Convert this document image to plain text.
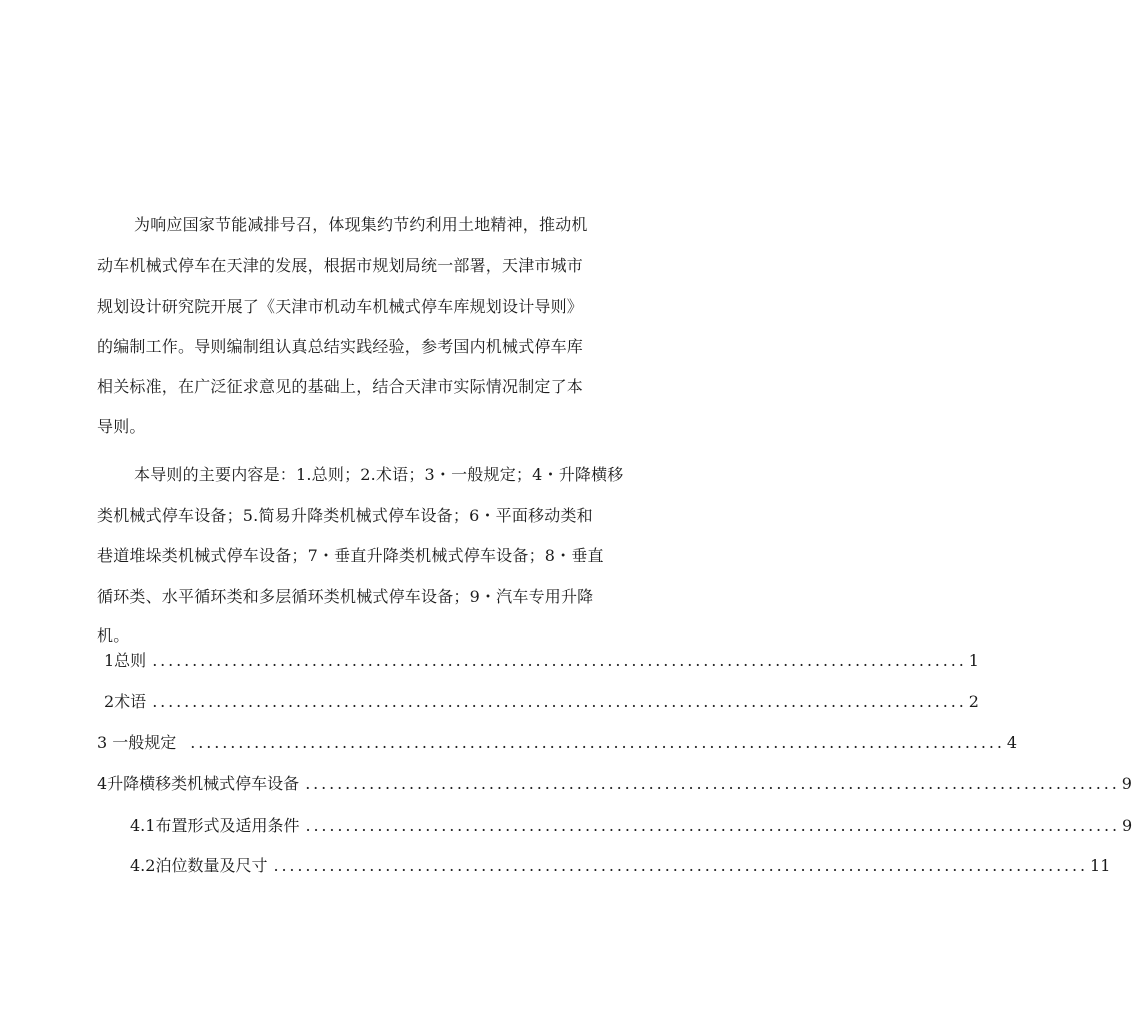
为响应国家节能减排号召，体现集约节约利用土地精神，推动机
动车机械式停车在天津的发展，根据市规划局统一部署，天津市城市
规划设计研究院开展了《天津市机动车机械式停车库规划设计导则》
的编制工作。导则编制组认真总结实践经验，参考国内机械式停车库
相关标准，在广泛征求意见的基础上，结合天津市实际情况制定了本
导则。
本导则的主要内容是：1.总则；2.术语；3・一般规定；4・升降横移
类机械式停车设备；5.简易升降类机械式停车设备；6・平面移动类和
巷道堆垛类机械式停车设备；7・垂直升降类机械式停车设备；8・垂直
循环类、水平循环类和多层循环类机械式停车设备；9・汽车专用升降
机。
1总则 ...................................................................................................... 1
2术语 ...................................................................................................... 2
3 一般规定 ...................................................................................................... 4
4升降横移类机械式停车设备 ...................................................................................................... 9
4.1布置形式及适用条件 ...................................................................................................... 9
4.2泊位数量及尺寸 ...................................................................................................... 11
